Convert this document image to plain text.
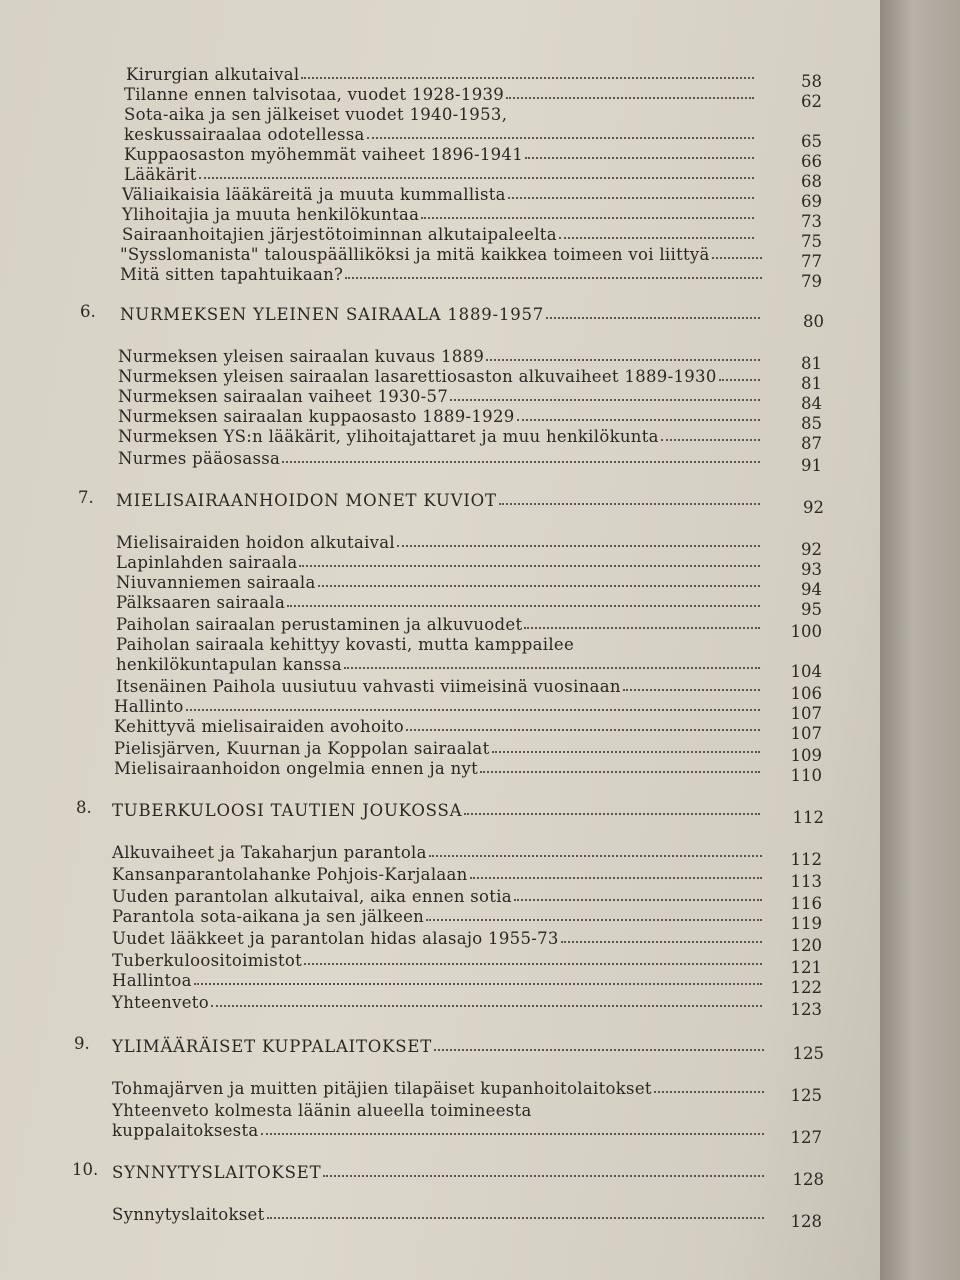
Kirurgian alkutaival	58
Tilanne ennen talvisotaa, vuodet 1928-1939	62
Sota-aika ja sen jälkeiset vuodet 1940-1953,
keskussairaalaa odotellessa	65
Kuppaosaston myöhemmät vaiheet 1896-1941	66
Lääkärit	68
Väliaikaisia lääkäreitä ja muuta kummallista	69
Ylihoitajia ja muuta henkilökuntaa	73
Sairaanhoitajien järjestötoiminnan alkutaipaleelta	75
"Sysslomanista" talouspäälliköksi ja mitä kaikkea toimeen voi liittyä	77
Mitä sitten tapahtuikaan?	79
6. NURMEKSEN YLEINEN SAIRAALA 1889-1957	80
Nurmeksen yleisen sairaalan kuvaus 1889	81
Nurmeksen yleisen sairaalan lasarettiosaston alkuvaiheet 1889-1930	81
Nurmeksen sairaalan vaiheet 1930-57	84
Nurmeksen sairaalan kuppaosasto 1889-1929	85
Nurmeksen YS:n lääkärit, ylihoitajattaret ja muu henkilökunta	87
Nurmes pääosassa	91
7. MIELISAIRAANHOIDON MONET KUVIOT	92
Mielisairaiden hoidon alkutaival	92
Lapinlahden sairaala	93
Niuvanniemen sairaala	94
Pälksaaren sairaala	95
Paiholan sairaalan perustaminen ja alkuvuodet	100
Paiholan sairaala kehittyy kovasti, mutta kamppailee
henkilökuntapulan kanssa	104
Itsenäinen Paihola uusiutuu vahvasti viimeisinä vuosinaan	106
Hallinto	107
Kehittyvä mielisairaiden avohoito	107
Pielisjärven, Kuurnan ja Koppolan sairaalat	109
Mielisairaanhoidon ongelmia ennen ja nyt	110
8. TUBERKULOOSI TAUTIEN JOUKOSSA	112
Alkuvaiheet ja Takaharjun parantola	112
Kansanparantolahanke Pohjois-Karjalaan	113
Uuden parantolan alkutaival, aika ennen sotia	116
Parantola sota-aikana ja sen jälkeen	119
Uudet lääkkeet ja parantolan hidas alasajo 1955-73	120
Tuberkuloositoimistot	121
Hallintoa	122
Yhteenveto	123
9. YLIMÄÄRÄISET KUPPALAITOKSET	125
Tohmajärven ja muitten pitäjien tilapäiset kupanhoitolaitokset	125
Yhteenveto kolmesta läänin alueella toimineesta
kuppalaitoksesta	127
10. SYNNYTYSLAITOKSET	128
Synnytyslaitokset	128
